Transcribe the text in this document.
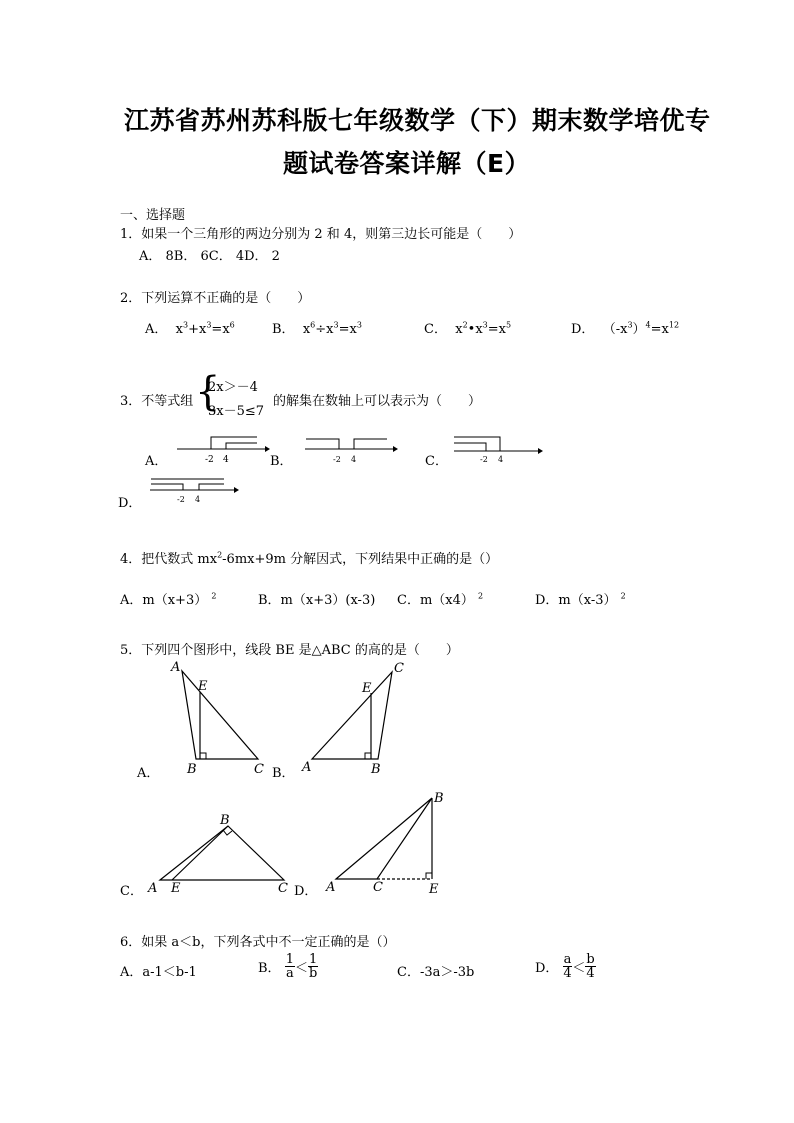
江苏省苏州苏科版七年级数学（下）期末数学培优专
题试卷答案详解（E）
一、选择题
1．如果一个三角形的两边分别为 2 和 4，则第三边长可能是（　　）
A． 8B． 6C． 4D． 2
2．下列运算不正确的是（　　）
A． $x^3+x^3=x^6$	B． $x^6\div x^3=x^3$	C． $x^2•x^3=x^5$	D． $(-x^3)^4=x^{12}$
3．不等式组 {
2x＞－4
3x－5≤7
的解集在数轴上可以表示为（　　）
A．	-2 4	B．	-2 4	C．	-2 4
D．	-2 4
4．把代数式 $mx^2-6mx+9m$ 分解因式，下列结果中正确的是（）
A．m（x+3） $^2$	B．m（x+3）(x-3) C．m（x4） $^2$	D．m（x-3） $^2$
5．下列四个图形中，线段 BE 是△ABC 的高的是（　　）
A．
A
E
B	C B．
C
E
A	B
C．
B
A E	C D．
B
A	C	E
6．如果 a＜b，下列各式中不一定正确的是（）
A．a-1＜b-1	B． $\frac{1}{a} < \frac{1}{b}$	C．-3a＞-3b	D． $\frac{a}{4} < \frac{b}{4}$
